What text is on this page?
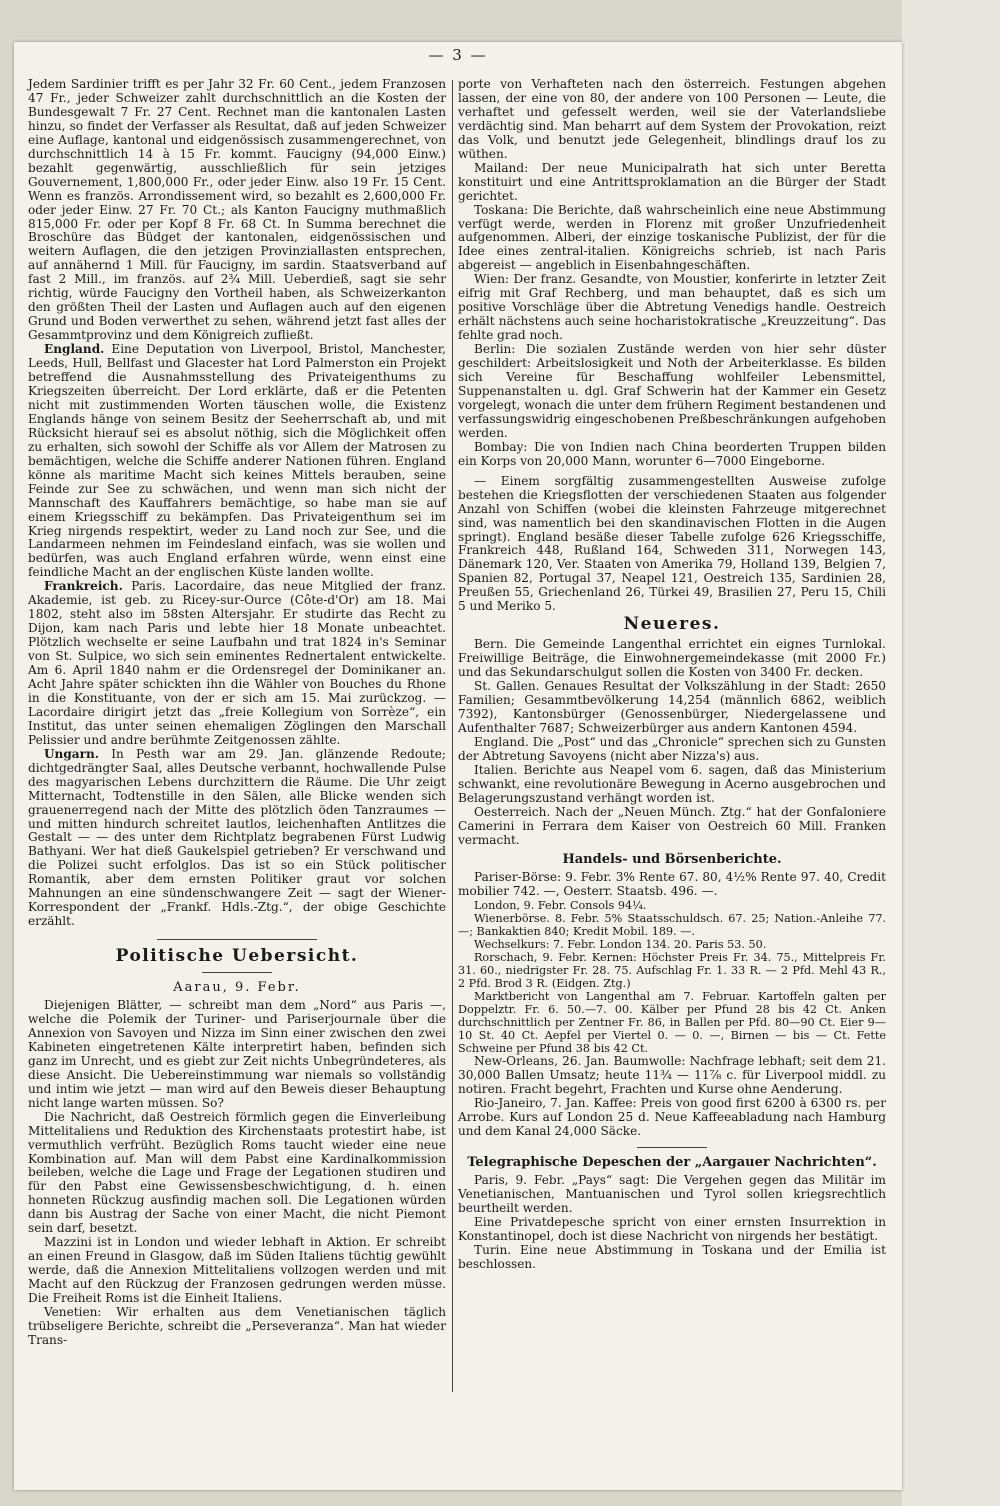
— 3 —

Jedem Sardinier trifft es per Jahr 32 Fr. 60 Cent., jedem Franzosen 47 Fr., jeder Schweizer zahlt durchschnittlich an die Kosten der Bundesgewalt 7 Fr. 27 Cent. Rechnet man die kantonalen Lasten hinzu, so findet der Verfasser als Resultat, daß auf jeden Schweizer eine Auflage, kantonal und eidgenössisch zusammengerechnet, von durchschnittlich 14 à 15 Fr. kommt. Faucigny (94,000 Einw.) bezahlt gegenwärtig, ausschließlich für sein jetziges Gouvernement, 1,800,000 Fr., oder jeder Einw. also 19 Fr. 15 Cent. Wenn es französ. Arrondissement wird, so bezahlt es 2,600,000 Fr. oder jeder Einw. 27 Fr. 70 Ct.; als Kanton Faucigny muthmaßlich 815,000 Fr. oder per Kopf 8 Fr. 68 Ct. In Summa berechnet die Broschüre das Büdget der kantonalen, eidgenössischen und weitern Auflagen, die den jetzigen Provinziallasten entsprechen, auf annähernd 1 Mill. für Faucigny, im sardin. Staatsverband auf fast 2 Mill., im französ. auf 2¾ Mill. Ueberdieß, sagt sie sehr richtig, würde Faucigny den Vortheil haben, als Schweizerkanton den größten Theil der Lasten und Auflagen auch auf den eigenen Grund und Boden verwerthet zu sehen, während jetzt fast alles der Gesammtprovinz und dem Königreich zufließt.

England. Eine Deputation von Liverpool, Bristol, Manchester, Leeds, Hull, Bellfast und Glacester hat Lord Palmerston ein Projekt betreffend die Ausnahmsstellung des Privateigenthums zu Kriegszeiten überreicht. Der Lord erklärte, daß er die Petenten nicht mit zustimmenden Worten täuschen wolle, die Existenz Englands hänge von seinem Besitz der Seeherrschaft ab, und mit Rücksicht hierauf sei es absolut nöthig, sich die Möglichkeit offen zu erhalten, sich sowohl der Schiffe als vor Allem der Matrosen zu bemächtigen, welche die Schiffe anderer Nationen führen. England könne als maritime Macht sich keines Mittels berauben, seine Feinde zur See zu schwächen, und wenn man sich nicht der Mannschaft des Kauffahrers bemächtige, so habe man sie auf einem Kriegsschiff zu bekämpfen. Das Privateigenthum sei im Krieg nirgends respektirt, weder zu Land noch zur See, und die Landarmeen nehmen im Feindesland einfach, was sie wollen und bedürfen, was auch England erfahren würde, wenn einst eine feindliche Macht an der englischen Küste landen wollte.

Frankreich. Paris. Lacordaire, das neue Mitglied der franz. Akademie, ist geb. zu Ricey-sur-Ource (Côte-d'Or) am 18. Mai 1802, steht also im 58sten Altersjahr. Er studirte das Recht zu Dijon, kam nach Paris und lebte hier 18 Monate unbeachtet. Plötzlich wechselte er seine Laufbahn und trat 1824 in's Seminar von St. Sulpice, wo sich sein eminentes Rednertalent entwickelte. Am 6. April 1840 nahm er die Ordensregel der Dominikaner an. Acht Jahre später schickten ihn die Wähler von Bouches du Rhone in die Konstituante, von der er sich am 15. Mai zurückzog. — Lacordaire dirigirt jetzt das „freie Kollegium von Sorrèze“, ein Institut, das unter seinen ehemaligen Zöglingen den Marschall Pelissier und andre berühmte Zeitgenossen zählte.

Ungarn. In Pesth war am 29. Jan. glänzende Redoute; dichtgedrängter Saal, alles Deutsche verbannt, hochwallende Pulse des magyarischen Lebens durchzittern die Räume. Die Uhr zeigt Mitternacht, Todtenstille in den Sälen, alle Blicke wenden sich grauenerregend nach der Mitte des plötzlich öden Tanzraumes — und mitten hindurch schreitet lautlos, leichenhaften Antlitzes die Gestalt — — des unter dem Richtplatz begrabenen Fürst Ludwig Bathyani. Wer hat dieß Gaukelspiel getrieben? Er verschwand und die Polizei sucht erfolglos. Das ist so ein Stück politischer Romantik, aber dem ernsten Politiker graut vor solchen Mahnungen an eine sündenschwangere Zeit — sagt der Wiener-Korrespondent der „Frankf. Hdls.-Ztg.“, der obige Geschichte erzählt.

Politische Uebersicht.
Aarau, 9. Febr.

Diejenigen Blätter, — schreibt man dem „Nord“ aus Paris —, welche die Polemik der Turiner- und Pariserjournale über die Annexion von Savoyen und Nizza im Sinn einer zwischen den zwei Kabineten eingetretenen Kälte interpretirt haben, befinden sich ganz im Unrecht, und es giebt zur Zeit nichts Unbegründeteres, als diese Ansicht. Die Uebereinstimmung war niemals so vollständig und intim wie jetzt — man wird auf den Beweis dieser Behauptung nicht lange warten müssen. So?

Die Nachricht, daß Oestreich förmlich gegen die Einverleibung Mittelitaliens und Reduktion des Kirchenstaats protestirt habe, ist vermuthlich verfrüht. Bezüglich Roms taucht wieder eine neue Kombination auf. Man will dem Pabst eine Kardinalkommission beileben, welche die Lage und Frage der Legationen studiren und für den Pabst eine Gewissensbeschwichtigung, d. h. einen honneten Rückzug ausfindig machen soll. Die Legationen würden dann bis Austrag der Sache von einer Macht, die nicht Piemont sein darf, besetzt.

Mazzini ist in London und wieder lebhaft in Aktion. Er schreibt an einen Freund in Glasgow, daß im Süden Italiens tüchtig gewühlt werde, daß die Annexion Mittelitaliens vollzogen werden und mit Macht auf den Rückzug der Franzosen gedrungen werden müsse. Die Freiheit Roms ist die Einheit Italiens.

Venetien: Wir erhalten aus dem Venetianischen täglich trübseligere Berichte, schreibt die „Perseveranza“. Man hat wieder Trans-

porte von Verhafteten nach den österreich. Festungen abgehen lassen, der eine von 80, der andere von 100 Personen — Leute, die verhaftet und gefesselt werden, weil sie der Vaterlandsliebe verdächtig sind. Man beharrt auf dem System der Provokation, reizt das Volk, und benutzt jede Gelegenheit, blindlings drauf los zu wüthen.

Mailand: Der neue Municipalrath hat sich unter Beretta konstituirt und eine Antrittsproklamation an die Bürger der Stadt gerichtet.

Toskana: Die Berichte, daß wahrscheinlich eine neue Abstimmung verfügt werde, werden in Florenz mit großer Unzufriedenheit aufgenommen. Alberi, der einzige toskanische Publizist, der für die Idee eines zentral-italien. Königreichs schrieb, ist nach Paris abgereist — angeblich in Eisenbahngeschäften.

Wien: Der franz. Gesandte, von Moustier, konferirte in letzter Zeit eifrig mit Graf Rechberg, und man behauptet, daß es sich um positive Vorschläge über die Abtretung Venedigs handle. Oestreich erhält nächstens auch seine hocharistokratische „Kreuzzeitung“. Das fehlte grad noch.

Berlin: Die sozialen Zustände werden von hier sehr düster geschildert: Arbeitslosigkeit und Noth der Arbeiterklasse. Es bilden sich Vereine für Beschaffung wohlfeiler Lebensmittel, Suppenanstalten u. dgl. Graf Schwerin hat der Kammer ein Gesetz vorgelegt, wonach die unter dem frühern Regiment bestandenen und verfassungswidrig eingeschobenen Preßbeschränkungen aufgehoben werden.

Bombay: Die von Indien nach China beorderten Truppen bilden ein Korps von 20,000 Mann, worunter 6—7000 Eingeborne.

— Einem sorgfältig zusammengestellten Ausweise zufolge bestehen die Kriegsflotten der verschiedenen Staaten aus folgender Anzahl von Schiffen (wobei die kleinsten Fahrzeuge mitgerechnet sind, was namentlich bei den skandinavischen Flotten in die Augen springt). England besäße dieser Tabelle zufolge 626 Kriegsschiffe, Frankreich 448, Rußland 164, Schweden 311, Norwegen 143, Dänemark 120, Ver. Staaten von Amerika 79, Holland 139, Belgien 7, Spanien 82, Portugal 37, Neapel 121, Oestreich 135, Sardinien 28, Preußen 55, Griechenland 26, Türkei 49, Brasilien 27, Peru 15, Chili 5 und Meriko 5.

Neueres.

Bern. Die Gemeinde Langenthal errichtet ein eignes Turnlokal. Freiwillige Beiträge, die Einwohnergemeindekasse (mit 2000 Fr.) und das Sekundarschulgut sollen die Kosten von 3400 Fr. decken.

St. Gallen. Genaues Resultat der Volkszählung in der Stadt: 2650 Familien; Gesammtbevölkerung 14,254 (männlich 6862, weiblich 7392), Kantonsbürger (Genossenbürger, Niedergelassene und Aufenthalter 7687; Schweizerbürger aus andern Kantonen 4594.

England. Die „Post“ und das „Chronicle“ sprechen sich zu Gunsten der Abtretung Savoyens (nicht aber Nizza's) aus.

Italien. Berichte aus Neapel vom 6. sagen, daß das Ministerium schwankt, eine revolutionäre Bewegung in Acerno ausgebrochen und Belagerungszustand verhängt worden ist.

Oesterreich. Nach der „Neuen Münch. Ztg.“ hat der Gonfaloniere Camerini in Ferrara dem Kaiser von Oestreich 60 Mill. Franken vermacht.

Handels- und Börsenberichte.

Pariser-Börse: 9. Febr. 3% Rente 67. 80, 4½% Rente 97. 40, Credit mobilier 742. —, Oesterr. Staatsb. 496. —.

London, 9. Febr. Consols 94¼.

Wienerbörse. 8. Febr. 5% Staatsschuldsch. 67. 25; Nation.-Anleihe 77. —; Bankaktien 840; Kredit Mobil. 189. —.

Wechselkurs: 7. Febr. London 134. 20. Paris 53. 50.

Rorschach, 9. Febr. Kernen: Höchster Preis Fr. 34. 75., Mittelpreis Fr. 31. 60., niedrigster Fr. 28. 75. Aufschlag Fr. 1. 33 R. — 2 Pfd. Mehl 43 R., 2 Pfd. Brod 3 R. (Eidgen. Ztg.)

Marktbericht von Langenthal am 7. Februar. Kartoffeln galten per Doppelztr. Fr. 6. 50.—7. 00. Kälber per Pfund 28 bis 42 Ct. Anken durchschnittlich per Zentner Fr. 86, in Ballen per Pfd. 80—90 Ct. Eier 9—10 St. 40 Ct. Aepfel per Viertel 0. — 0. —, Birnen — bis — Ct. Fette Schweine per Pfund 38 bis 42 Ct.

New-Orleans, 26. Jan. Baumwolle: Nachfrage lebhaft; seit dem 21. 30,000 Ballen Umsatz; heute 11¾ — 11⅞ c. für Liverpool middl. zu notiren. Fracht begehrt, Frachten und Kurse ohne Aenderung.

Rio-Janeiro, 7. Jan. Kaffee: Preis von good first 6200 à 6300 rs. per Arrobe. Kurs auf London 25 d. Neue Kaffeeabladung nach Hamburg und dem Kanal 24,000 Säcke.

Telegraphische Depeschen der „Aargauer Nachrichten“.

Paris, 9. Febr. „Pays“ sagt: Die Vergehen gegen das Militär im Venetianischen, Mantuanischen und Tyrol sollen kriegsrechtlich beurtheilt werden.

Eine Privatdepesche spricht von einer ernsten Insurrektion in Konstantinopel, doch ist diese Nachricht von nirgends her bestätigt.

Turin. Eine neue Abstimmung in Toskana und der Emilia ist beschlossen.
